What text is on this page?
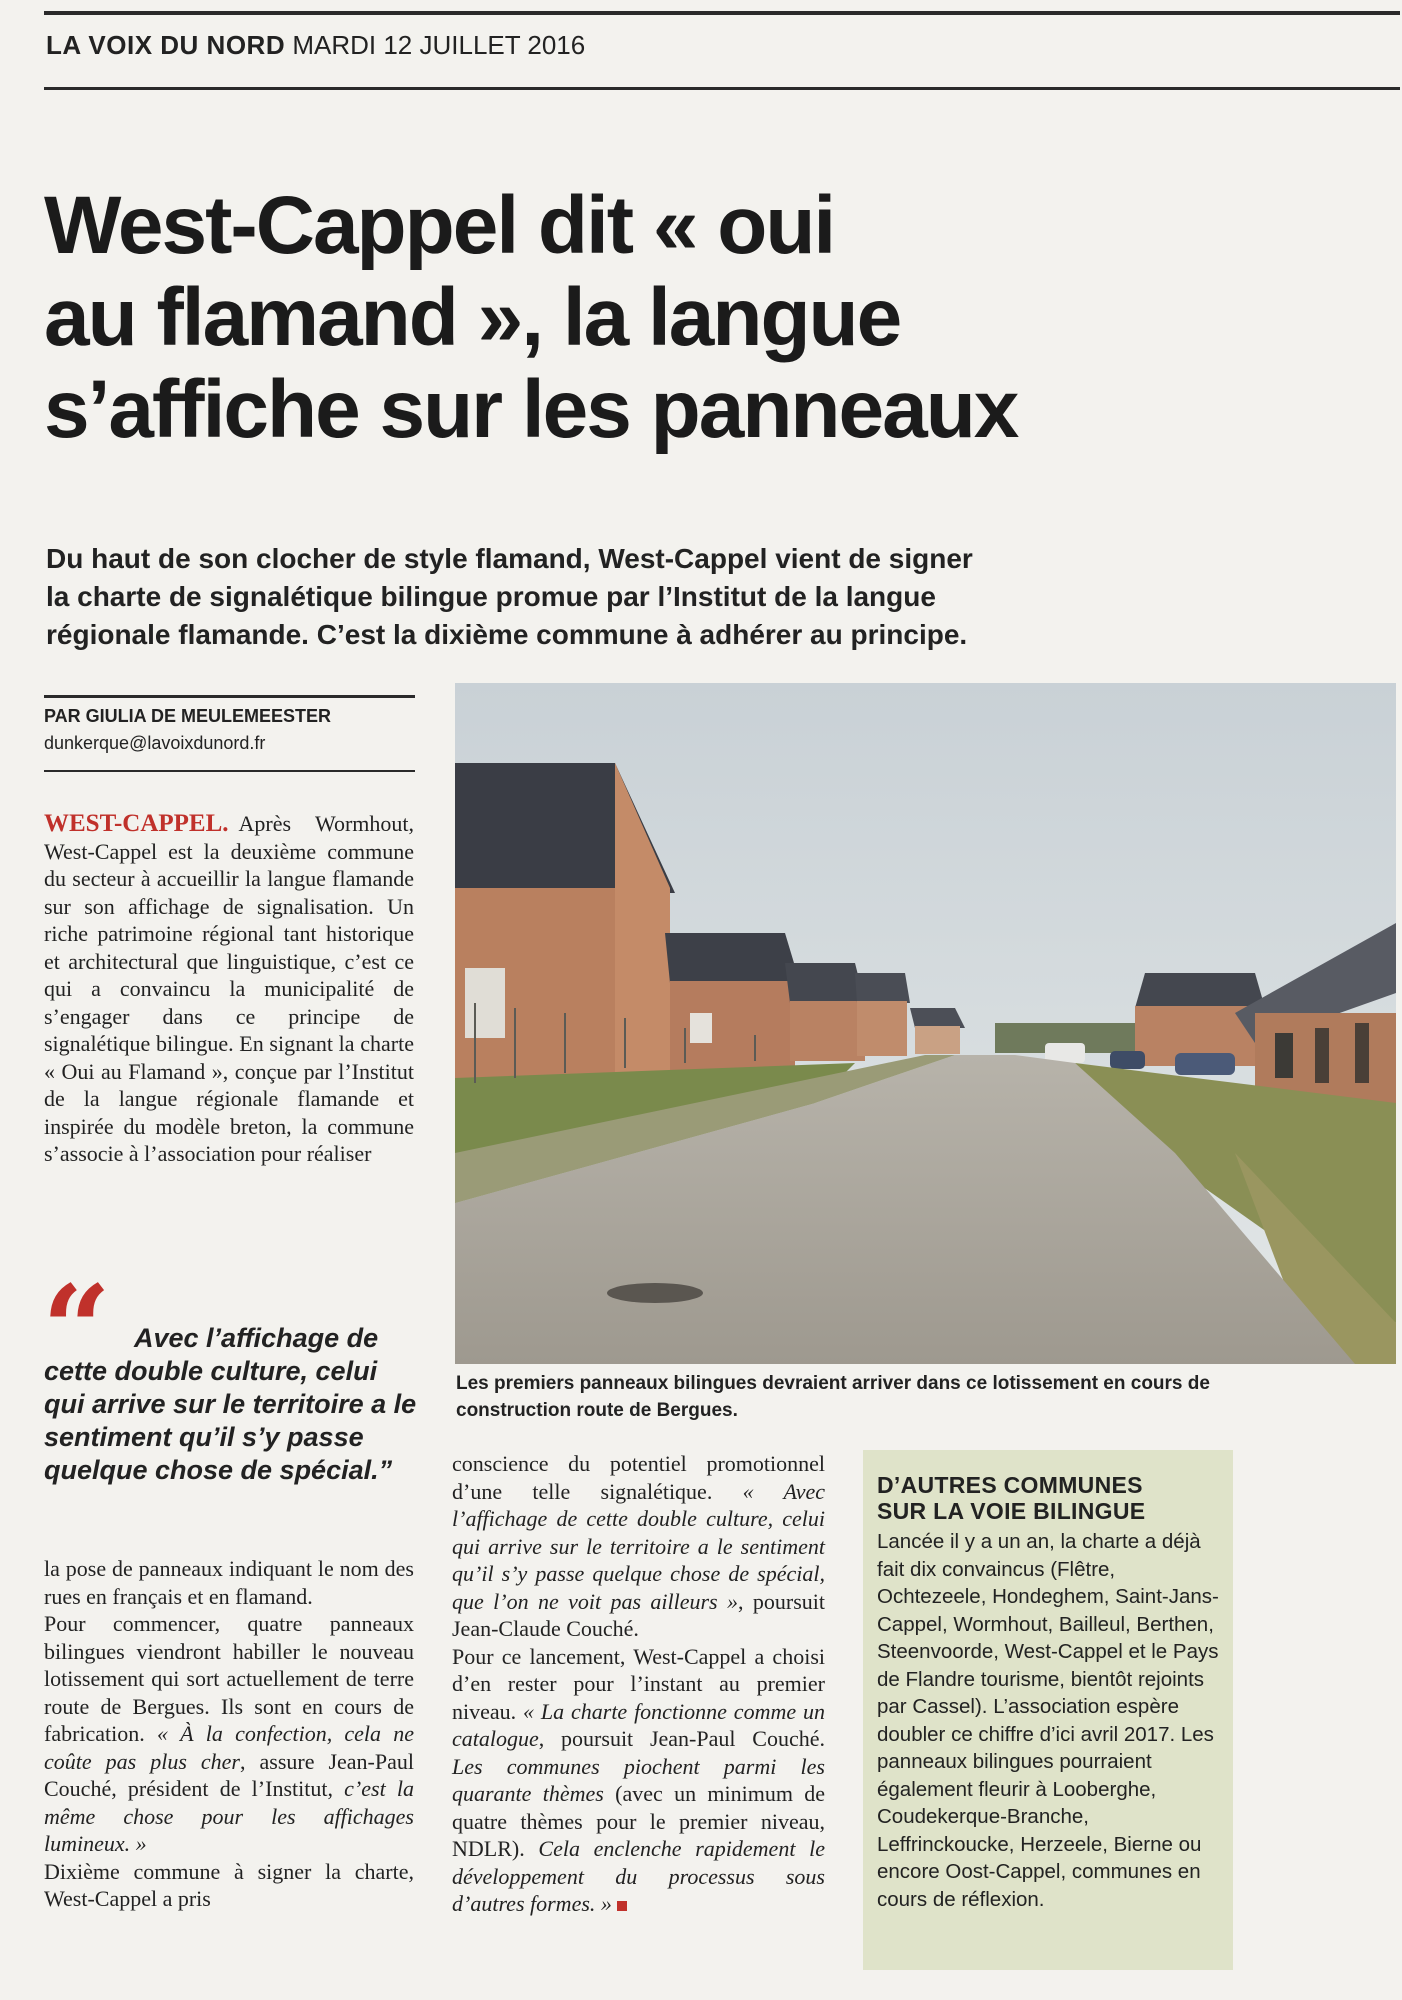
LA VOIX DU NORD MARDI 12 JUILLET 2016
West-Cappel dit « oui
au flamand », la langue
s’affiche sur les panneaux
Du haut de son clocher de style flamand, West-Cappel vient de signer
la charte de signalétique bilingue promue par l’Institut de la langue
régionale flamande. C’est la dixième commune à adhérer au principe.
PAR GIULIA DE MEULEMEESTER
dunkerque@lavoixdunord.fr
WEST-CAPPEL. Après Wormhout, West-Cappel est la deuxième commune du secteur à accueillir la langue flamande sur son affichage de signalisation. Un riche patrimoine régional tant historique et architectural que linguistique, c’est ce qui a convaincu la municipalité de s’engager dans ce principe de signalétique bilingue. En signant la charte « Oui au Flamand », conçue par l’Institut de la langue régionale flamande et inspirée du modèle breton, la commune s’associe à l’association pour réaliser
“ Avec l’affichage de
cette double culture, celui qui arrive sur le territoire a le sentiment qu’il s’y passe quelque chose de spécial.”
la pose de panneaux indiquant le nom des rues en français et en flamand.
Pour commencer, quatre panneaux bilingues viendront habiller le nouveau lotissement qui sort actuellement de terre route de Bergues. Ils sont en cours de fabrication. « À la confection, cela ne coûte pas plus cher, assure Jean-Paul Couché, président de l’Institut, c’est la même chose pour les affichages lumineux. »
Dixième commune à signer la charte, West-Cappel a pris
Les premiers panneaux bilingues devraient arriver dans ce lotissement en cours de construction route de Bergues.
conscience du potentiel promotionnel d’une telle signalétique. « Avec l’affichage de cette double culture, celui qui arrive sur le territoire a le sentiment qu’il s’y passe quelque chose de spécial, que l’on ne voit pas ailleurs », poursuit Jean-Claude Couché.
Pour ce lancement, West-Cappel a choisi d’en rester pour l’instant au premier niveau. « La charte fonctionne comme un catalogue, poursuit Jean-Paul Couché. Les communes piochent parmi les quarante thèmes (avec un minimum de quatre thèmes pour le premier niveau, NDLR). Cela enclenche rapidement le développement du processus sous d’autres formes. »
D’AUTRES COMMUNES
SUR LA VOIE BILINGUE
Lancée il y a un an, la charte a déjà fait dix convaincus (Flêtre, Ochtezeele, Hondeghem, Saint-Jans-Cappel, Wormhout, Bailleul, Berthen, Steenvoorde, West-Cappel et le Pays de Flandre tourisme, bientôt rejoints par Cassel). L’association espère doubler ce chiffre d’ici avril 2017. Les panneaux bilingues pourraient également fleurir à Looberghe, Coudekerque-Branche, Leffrinckoucke, Herzeele, Bierne ou encore Oost-Cappel, communes en cours de réflexion.
